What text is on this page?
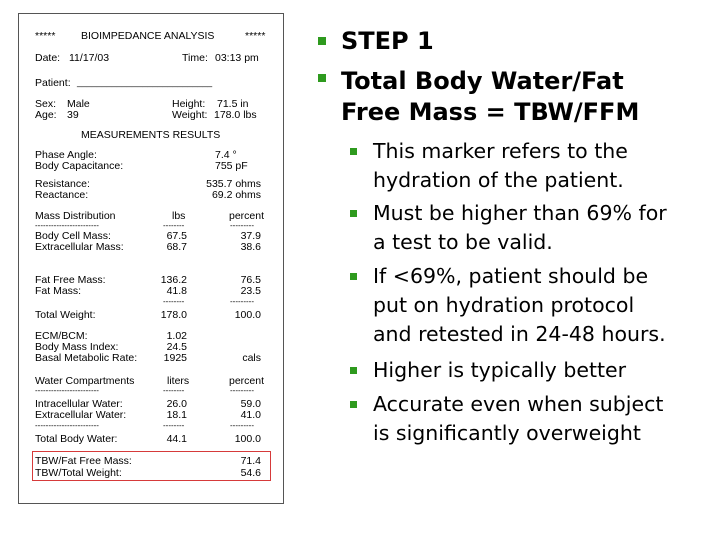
***** BIOIMPEDANCE ANALYSIS	*****
Date: 11/17/03	Time: 03:13 pm
Patient: ___________________________
Sex: Male	Height: 71.5 in
Age: 39	Weight: 178.0 lbs
MEASUREMENTS RESULTS
Phase Angle:	7.4 °
Body Capacitance:	755 pF
Resistance:	535.7 ohms
Reactance:	69.2 ohms
Mass Distribution	lbs	percent
------------------------	--------	---------
Body Cell Mass:	67.5	37.9
Extracellular Mass:	68.7	38.6
Fat Free Mass:	136.2	76.5
Fat Mass:	41.8	23.5
--------	---------
Total Weight:	178.0	100.0
ECM/BCM:	1.02
Body Mass Index:	24.5
Basal Metabolic Rate:	1925	cals
Water Compartments	liters	percent
------------------------	--------	---------
Intracellular Water:	26.0	59.0
Extracellular Water:	18.1	41.0
------------------------	--------	---------
Total Body Water:	44.1	100.0
TBW/Fat Free Mass:	71.4
TBW/Total Weight:	54.6
STEP 1
Total Body Water/Fat
Free Mass = TBW/FFM
This marker refers to the
hydration of the patient.
Must be higher than 69% for
a test to be valid.
If <69%, patient should be
put on hydration protocol
and retested in 24-48 hours.
Higher is typically better
Accurate even when subject
is significantly overweight
